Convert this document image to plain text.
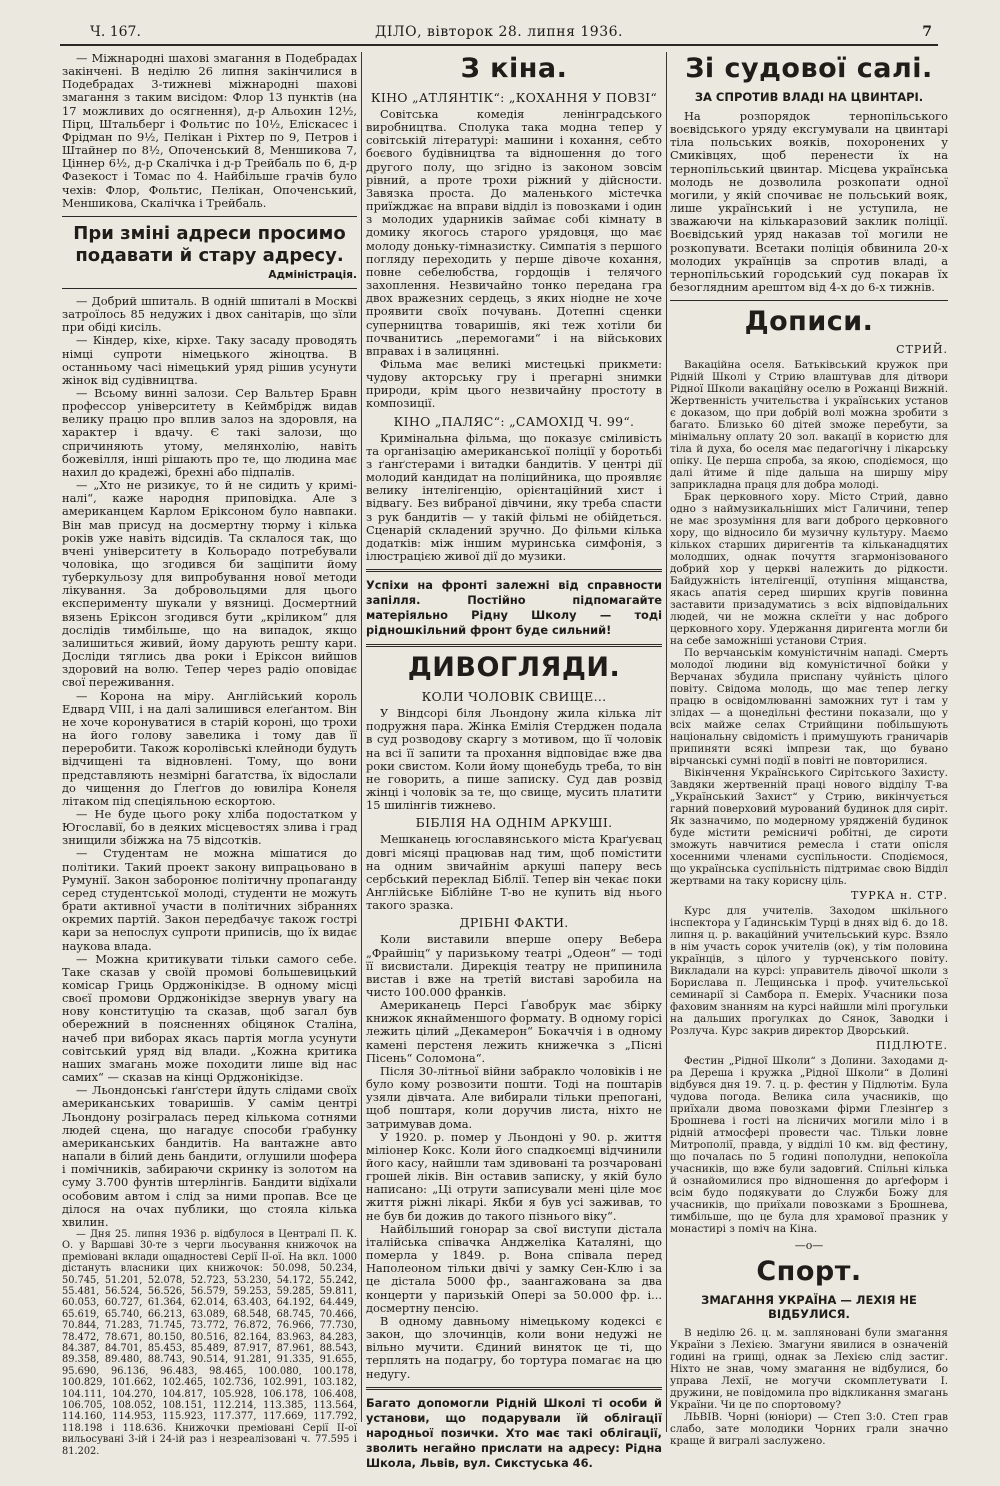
Ч. 167.	ДІЛО, вівторок 28. липня 1936.	7

— Міжнародні шахові змагання в Подебрадах закінчені. В неділю 26 липня закінчилися в Подебрадах 3-тижневі міжнародні шахові змагання з таким висідом: Флор 13 пунктів (на 17 можливих до осягнення), д-р Альохин 12½, Пірц, Штальберг і Фольтис по 10½, Еліскасес і Фрідман по 9½, Пелікан і Ріхтер по 9, Петров і Штайнер по 8½, Опоченський 8, Меншикова 7, Ціннер 6½, д-р Скалічка і д-р Трейбаль по 6, д-р Фазекост і Томас по 4. Найбільше грачів було чехів: Флор, Фольтис, Пелікан, Опоченський, Меншикова, Скалічка і Трейбаль.

При зміні адреси просимо подавати й стару адресу.
Адміністрація.

— Добрий шпиталь. В одній шпиталі в Москві затроїлось 85 недужих і двох санітарів, що зїли при обіді кисіль.

— Кіндер, кіхе, кірхе. Таку засаду проводять німці супроти німецького жіноцтва. В останньому часі німецький уряд рішив усунути жінок від судівництва.

— Всьому винні залози. Сер Вальтер Бравн профессор університету в Кеймбрідж видав велику працю про вплив залоз на здоровля, на характер і вдачу. Є такі залози, що спричиняють утому, мелянхолію, навіть божевілля, інші рішають про те, що людина має нахил до крадежі, брехні або підпалів.

— „Хто не ризикує, то й не сидить у криміналі“, каже народня приповідка. Але з американцем Карлом Еріксоном було навпаки. Він мав присуд на досмертну тюрму і кілька років уже навіть відсидів. Та склалося так, що вчені університету в Кольорадо потребували чоловіка, що згодився би защіпити йому туберкульозу для випробування нової методи лікування. За добровольцями для цього експерименту шукали у вязниці. Досмертний вязень Еріксон згодився бути „кріликом“ для дослідів тимбільше, що на випадок, якщо залишиться живий, йому дарують решту кари. Досліди тяглись два роки і Еріксон вийшов здоровий на волю. Тепер через радіо оповідає свої переживання.

— Корона на міру. Англійський король Едвард VIII, і на далі залишився елеґантом. Він не хоче коронуватися в старій короні, що трохи на його голову завелика і тому дав її переробити. Також королівські клейноди будуть відчищені та відновлені. Тому, що вони представляють незмірні багатства, їх відослали до чищення до Ґлеґгов до ювиліра Конеля літаком під спеціяльною ескортою.

— Не буде цього року хліба подостатком у Югославії, бо в деяких місцевостях злива і град знищили збіжжа на 75 відсотків.

— Студентам не можна мішатися до політики. Такий проект закону випрацьовано в Румунії. Закон заборонює політичну пропаганду серед студентської молоді, студенти не можуть брати активної участи в політичних зібраннях окремих партій. Закон передбачує також гострі кари за непослух супроти приписів, що їх видає наукова влада.

— Можна критикувати тільки самого себе. Таке сказав у своїй промові большевицький комісар Гриць Орджонікідзе. В одному місці своєї промови Орджонікідзе звернув увагу на нову конституцію та сказав, щоб загал був обережний в поясненнях обіцянок Сталіна, начеб при виборах якась партія могла усунути совітський уряд від влади. „Кожна критика наших змагань може походити лише від нас самих“ — сказав на кінці Орджонікідзе.

— Льондонські ґанґстери йдуть слідами своїх американських товаришів. У самім центрі Льондону розігралась перед кількома сотнями людей сцена, що нагадує способи ґрабунку американських бандитів. На вантажне авто напали в білий день бандити, оглушили шофера і помічників, забираючи скринку із золотом на суму 3.700 фунтів штерлінгів. Бандити відїхали особовим автом і слід за ними пропав. Все це ділося на очах публики, що стояла кілька хвилин.

— Дня 25. липня 1936 р. відбулося в Централі П. К. О. у Варшаві 30-те з черги льосування книжочок на преміовані вклади ощадностеві Серії II-ої. На вкл. 1000 дістануть власники цих книжочок: 50.098, 50.234, 50.745, 51.201, 52.078, 52.723, 53.230, 54.172, 55.242, 55.481, 56.524, 56.526, 56.579, 59.253, 59.285, 59.811, 60.053, 60.727, 61.364, 62.014, 63.403, 64.192, 64.449, 65.619, 65.740, 66.213, 63.089, 68.548, 68.745, 70.466, 70.844, 71.283, 71.745, 73.772, 76.872, 76.966, 77.730, 78.472, 78.671, 80.150, 80.516, 82.164, 83.963, 84.283, 84.387, 84.701, 85.453, 85.489, 87.917, 87.961, 88.543, 89.358, 89.480, 88.743, 90.514, 91.281, 91.335, 91.655, 95.690, 96.136, 96.483, 98.465, 100.080, 100.178, 100.829, 101.662, 102.465, 102.736, 102.991, 103.182, 104.111, 104.270, 104.817, 105.928, 106.178, 106.408, 106.705, 108.052, 108.151, 112.214, 113.385, 113.564, 114.160, 114.953, 115.923, 117.377, 117.669, 117.792, 118.198 і 118.636. Книжочки преміовані Серії II-ої вильосувані 3-ій і 24-ій раз і незреалізовані ч. 77.595 і 81.202.

З кіна.
КІНО „АТЛЯНТІК“: „КОХАННЯ У ПОВЗІ“

Совітська комедія ленінградського виробництва. Сполука така модна тепер у совітській літературі: машини і кохання, себто боєвого будівництва та відношення до того другого полу, що згідно із законом зовсім рівний, а проте трохи ріжний у дійсности. Завязка проста. До маленького містечка приїжджає на вправи відділ із повозками і один з молодих ударників займає собі кімнату в домику якогось старого урядовця, що має молоду доньку-тімназистку. Симпатія з першого погляду переходить у перше дівоче кохання, повне себелюбства, гордощів і телячого захоплення. Незвичайно тонко передана гра двох вражезних сердець, з яких ніодне не хоче проявити своїх почувань. Дотепні сценки суперництва товаришів, які теж хотіли би почванитись „перемогами“ і на військових вправах і в залицянні.

Фільма має великі мистецькі прикмети: чудову акторську гру і прегарні знимки природи, крім цього незвичайну простоту в композиції.

КІНО „ПАЛЯС“: „САМОХІД Ч. 99“.

Кримінальна фільма, що показує сміливість та організацію американської поліції у боротьбі з ґанґстерами і витадки бандитів. У центрі дії молодий кандидат на поліцийника, що проявляє велику інтелігенцію, орієнтаційний хист і відвагу. Без вибраної дівчини, яку треба спасти з рук бандитів — у такій фільмі не обійдеться. Сценарій складений зручно. До фільми кілька додатків: між іншим муринська симфонія, з ілюстрацією живої дії до музики.

Успіхи на фронті залежні від справности запілля. Постійно підпомагайте матеріяльно Рідну Школу — тоді рідношкільний фронт буде сильний!
ДИВОГЛЯДИ.
КОЛИ ЧОЛОВІК СВИЩЕ...

У Віндсорі біля Льондону жила кілька літ подружня пара. Жінка Емілія Стерджен подала в суд розводову скаргу з мотивом, що її чоловік на всі її запити та прохання відповідає вже два роки свистом. Коли йому щонебудь треба, то він не говорить, а пише записку. Суд дав розвід жінці і чоловік за те, що свище, мусить платити 15 шилінгів тижнево.

БІБЛІЯ НА ОДНІМ АРКУШІ.

Мешканець югославянського міста Краґуєвац довгі місяці працював над тим, щоб помістити на одним звичайнім аркуші паперу весь сербський переклад Біблії. Тепер він чекає поки Англійське Біблійне Т-во не купить від нього такого зразка.

ДРІБНІ ФАКТИ.

Коли виставили вперше оперу Вебера „Фрайшіц“ у паризькому театрі „Одеон“ — тоді її висвистали. Дирекція театру не припинила вистав і вже на третій виставі заробила на чисто 100.000 франків.

Американець Персі Ґавобрук має збірку книжок якнайменшого формату. В одному горісі лежить цілий „Декамерон“ Бокаччія і в одному камені перстеня лежить книжечка з „Пісні Пісень“ Соломона“.

Після 30-літньої війни забракло чоловіків і не було кому розвозити пошти. Тоді на поштарів узяли дівчата. Але вибирали тільки препогані, щоб поштаря, коли доручив листа, ніхто не затримував дома.

У 1920. р. помер у Льондоні у 90. р. життя міліонер Кокс. Коли його спадкоємці відчинили його касу, найшли там здивовані та розчаровані грошей ліків. Він оставив записку, у якій було написано: „Ці отрути записували мені ціле моє життя ріжні лікарі. Якби я був усі заживав, то не був би дожив до такого пізнього віку“.

Найбільший гонорар за свої виступи дістала італійська співачка Анджеліка Каталяні, що померла у 1849. р. Вона співала перед Наполеоном тільки двічі у замку Сен-Клю і за це дістала 5000 фр., заангажована за два концерти у паризькій Опері за 50.000 фр. і... досмертну пенсію.

В одному давньому німецькому кодексі є закон, що злочинців, коли вони недужі не вільно мучити. Єдиний виняток це ті, що терплять на подагру, бо тортура помагає на цю недугу.

Багато допомогли Рідній Школі ті особи й установи, що подарували їй облігації народньої позички. Хто має такі облігації, зволить негайно прислати на адресу: Рідна Школа, Львів, вул. Сикстуська 46.
Зі судової салі.
ЗА СПРОТИВ ВЛАДІ НА ЦВИНТАРІ.

На розпорядок тернопільського воєвідського уряду ексгумували на цвинтарі тіла польських вояків, похоронених у Смиківцях, щоб перенести їх на тернопільський цвинтар. Місцева українська молодь не дозволила розкопати одної могили, у якій спочиває не польський вояк, лише український і не уступила, не зважаючи на кількаразовий заклик поліції. Воєвідський уряд наказав тої могили не розкопувати. Всетаки поліція обвинила 20-х молодих українців за спротив владі, а тернопільський городський суд покарав їх безоглядним арештом від 4-х до 6-х тижнів.

Дописи.
СТРИЙ.

Вакаційна оселя. Батьківський кружок при Рідній Школі у Стрию влаштував для дітвори Рідної Школи вакаційну оселю в Рожанці Вижній. Жертвенність учительства і українських установ є доказом, що при добрій волі можна зробити з багато. Близько 60 дітей зможе перебути, за мінімальну оплату 20 зол. вакації в користю для тіла й духа, бо оселя має педагогічну і лікарську опіку. Це перша спроба, за якою, сподіємося, що далі йтиме й піде дальша на ширшу міру заприкладна праця для добра молоді.

Брак церковного хору. Місто Стрий, давно одно з наймузикальніших міст Галичини, тепер не має зрозуміння для ваги доброго церковного хору, що відносило би музичну культуру. Маємо кількох старших диригентів та кільканадцятих молодших, однак почуття згармонізованого добрий хор у церкві належить до рідкости. Байдужність інтелігенції, отупіння міщанства, якась апатія серед ширших кругів повинна заставити призадуматись з всіх відповідальних людей, чи не можна склеїти у нас доброго церковного хору. Удержання диригента могли би на себе заможніші установи Стрия.

По верчанськім комуністичнім нападі. Смерть молодої людини від комуністичної бойки у Верчанах збудила приспану чуйність цілого повіту. Свідома молодь, що має тепер легку працю в освідомлюванні заможних тут і там у злідах — а щонедільні фестини показали, що у всіх майже селах Стрийщини побільшують національну свідомість і примушують граничарів припиняти всякі імпрези так, що бувано вірчанські сумні події в повіті не повторилися.

Вікінчення Українського Сирітського Захисту. Завдяки жертвенній праці нового відділу Т-ва „Український Захист“ у Стрию, викінчується гарний поверховий мурований будинок для сиріт. Як зазначимо, по модерному урядженій будинок буде містити ремісничі робітні, де сироти зможуть навчитися ремесла і стати опісля хосенними членами суспільности. Сподіємося, що українська суспільність підтримає свою Відділ жертвами на таку корисну ціль.

ТУРКА н. СТР.

Курс для учителів. Заходом шкільного інспектора у Ґадинськім Турці в днях від 6. до 18. липня ц. р. вакаційний учительський курс. Взяло в нім участь сорок учителів (ок), у тім половина українців, з цілого у турченського повіту. Викладали на курсі: управитель дівочої школи з Борислава п. Лещинська і проф. учительської семинарії зі Самбора п. Емеріх. Учасники поза фаховим знанням на курсі найшли мілі прогульки на дальших прогулках до Сянок, Заводки і Розлуча. Курс закрив директор Дворський.

ПІДЛЮТЕ.

Фестин „Рідної Школи“ з Долини. Заходами д-ра Дереша і кружка „Рідної Школи“ в Долині відбувся дня 19. 7. ц. р. фестин у Підлютім. Була чудова погода. Велика сила учасників, що приїхали двома повозками фірми Глезінґер з Брошнева і гості на лісничих могили міло і в рідній атмосфері провести час. Тільки ловне Митрополії, правда, у відділі 10 км. від фестину, що почалась по 5 годині пополудни, непокоїла учасників, що вже були задовгий. Спільні кілька й ознайомилися про відношення до арґеформ і всім будо подякувати до Служби Божу для учасників, що приїхали повозками з Брошнева, тимбільше, що це була для храмової празник у монастирі з поміч на Кіна.

—о—
Спорт.
ЗМАГАННЯ УКРАЇНА — ЛЕХІЯ НЕ ВІДБУЛИСЯ.

В неділю 26. ц. м. запляновані були змагання України з Лехією. Змагуни явилися в означеній годині на грищі, однак за Лехією слід застиг. Ніхто не знав, чому змагання не відбулися, бо управа Лехії, не могучи скомплетувати І. дружини, не повідомила про відкликання змагань України. Чи це по спортовому?

ЛЬВІВ. Чорні (юніори) — Степ 3:0. Степ грав слабо, зате молодики Чорних грали значно краще й вигралі заслужено.
